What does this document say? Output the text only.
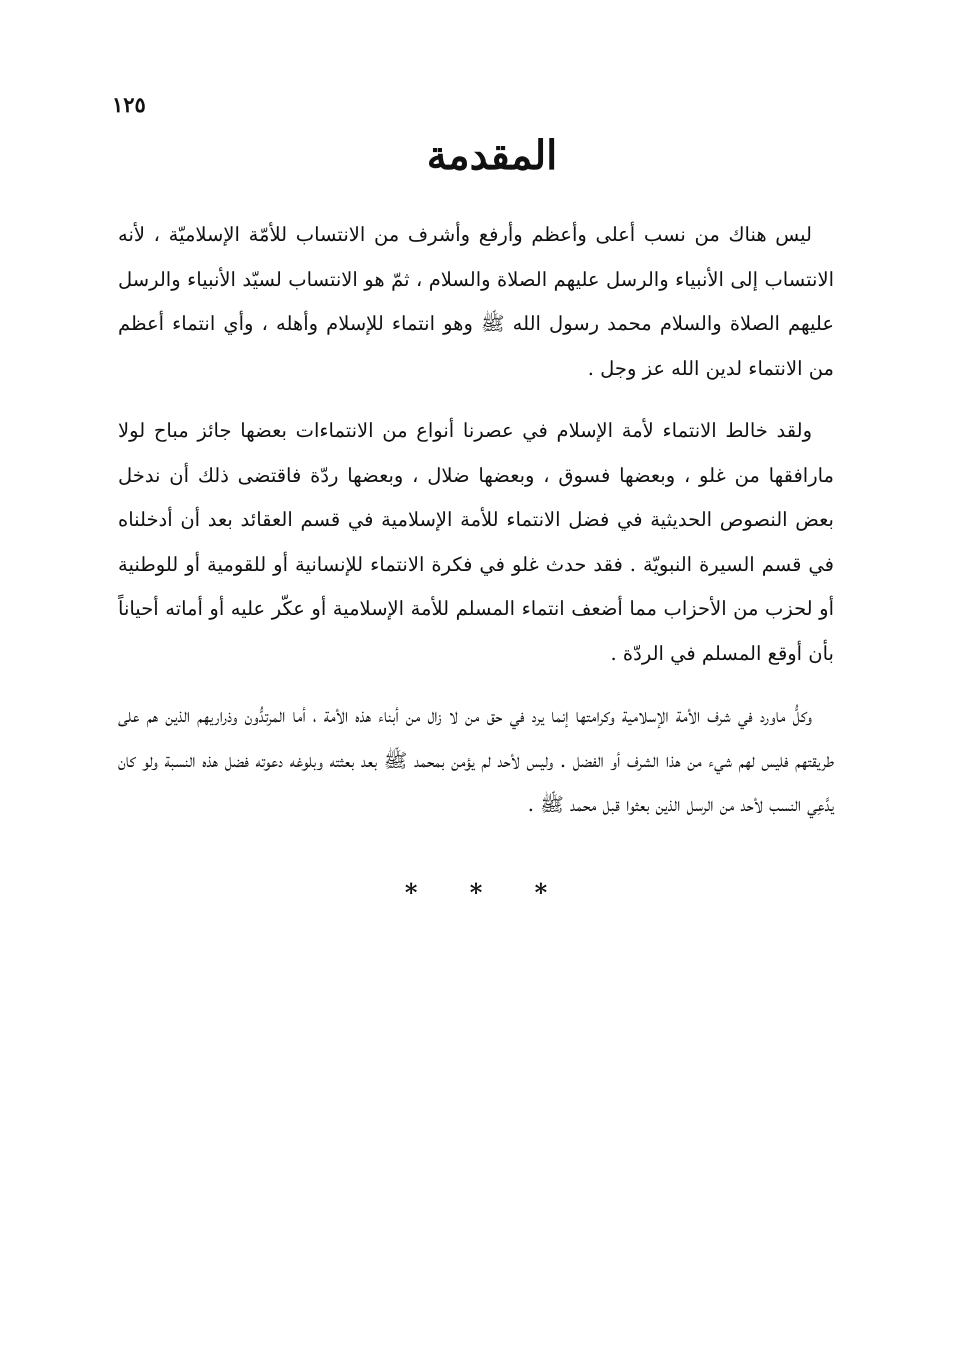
١٢٥
المقدمة

ليس هناك من نسب أعلى وأعظم وأرفع وأشرف من الانتساب للأمّة الإسلاميّة ، لأنه الانتساب إلى الأنبياء والرسل عليهم الصلاة والسلام ، ثمّ هو الانتساب لسيّد الأنبياء والرسل عليهم الصلاة والسلام محمد رسول الله ﷺ وهو انتماء للإسلام وأهله ، وأي انتماء أعظم من الانتماء لدين الله عز وجل .

ولقد خالط الانتماء لأمة الإسلام في عصرنا أنواع من الانتماءات بعضها جائز مباح لولا مارافقها من غلو ، وبعضها فسوق ، وبعضها ضلال ، وبعضها ردّة فاقتضى ذلك أن ندخل بعض النصوص الحديثية في فضل الانتماء للأمة الإسلامية في قسم العقائد بعد أن أدخلناه في قسم السيرة النبويّة . فقد حدث غلو في فكرة الانتماء للإنسانية أو للقومية أو للوطنية أو لحزب من الأحزاب مما أضعف انتماء المسلم للأمة الإسلامية أو عكّر عليه أو أماته أحياناً بأن أوقع المسلم في الردّة .

وكلُّ ماورد في شرف الأمة الإسلامية وكرامتها إنما يرد في حق من لا زال من أبناء هذه الأمة ، أما المرتدُّون وذراريهم الذين هم على طريقتهم فليس لهم شيء من هذا الشرف أو الفضل . وليس لأحد لم يؤمن بمحمد ﷺ بعد بعثته وبلوغه دعوته فضل هذه النسبة ولو كان يدَّعِي النسب لأحد من الرسل الذين بعثوا قبل محمد ﷺ .

* * *
